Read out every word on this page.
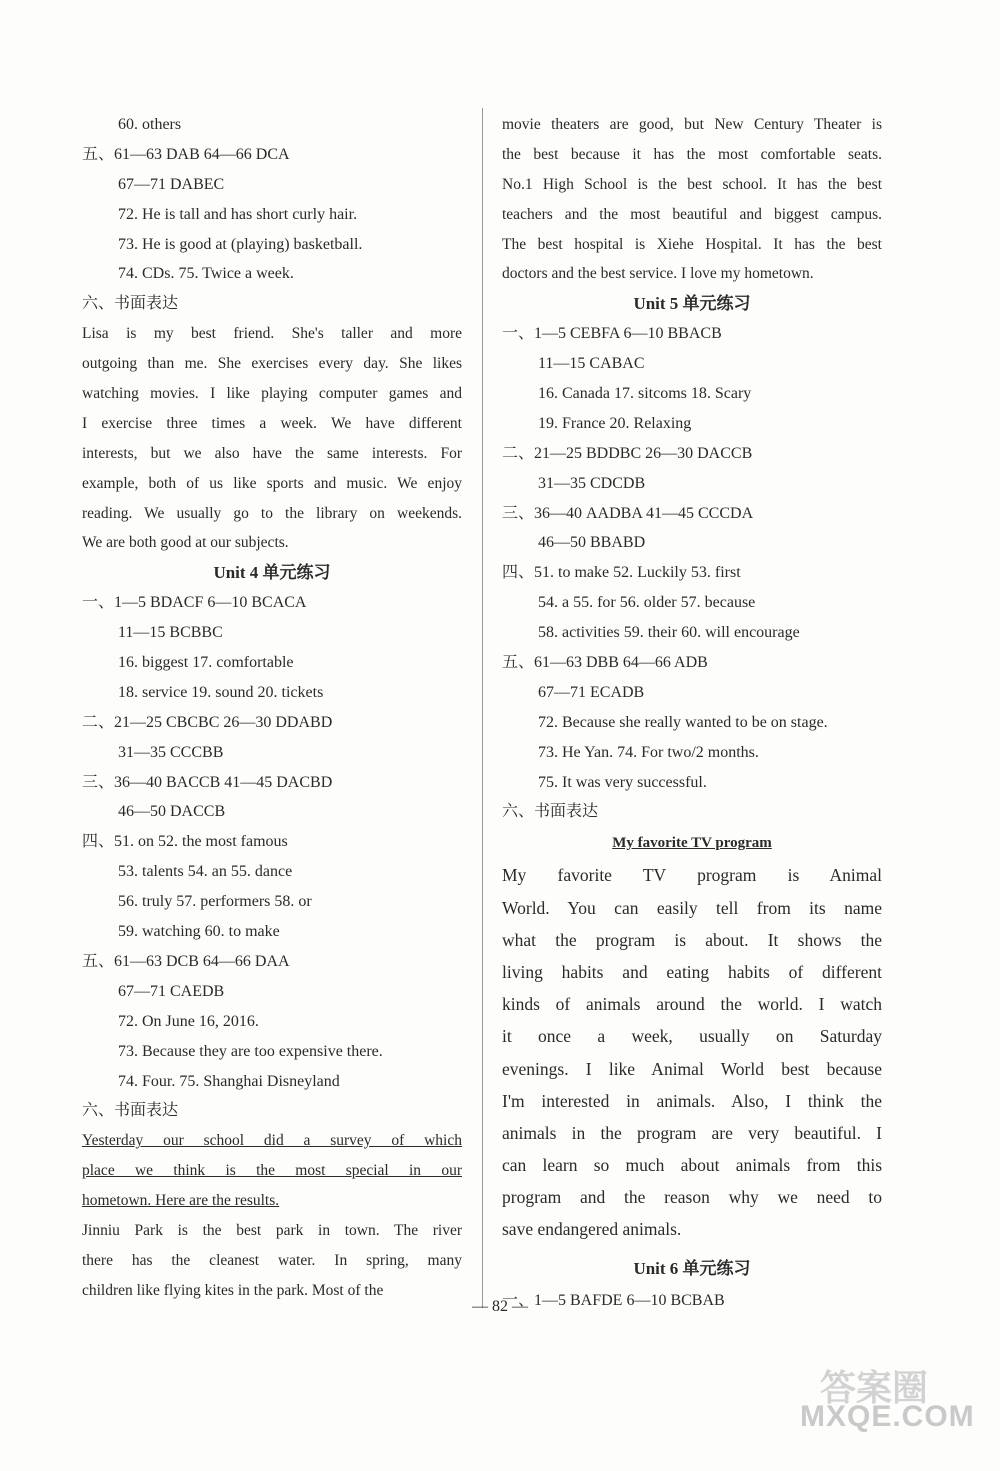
60. others
五、61—63 DAB 64—66 DCA
67—71 DABEC
72. He is tall and has short curly hair.
73. He is good at (playing) basketball.
74. CDs. 75. Twice a week.
六、书面表达
Lisa is my best friend. She's taller and more
outgoing than me. She exercises every day. She likes
watching movies. I like playing computer games and
I exercise three times a week. We have different
interests, but we also have the same interests. For
example, both of us like sports and music. We enjoy
reading. We usually go to the library on weekends.
We are both good at our subjects.
Unit 4 单元练习
一、1—5 BDACF 6—10 BCACA
11—15 BCBBC
16. biggest 17. comfortable
18. service 19. sound 20. tickets
二、21—25 CBCBC 26—30 DDABD
31—35 CCCBB
三、36—40 BACCB 41—45 DACBD
46—50 DACCB
四、51. on 52. the most famous
53. talents 54. an 55. dance
56. truly 57. performers 58. or
59. watching 60. to make
五、61—63 DCB 64—66 DAA
67—71 CAEDB
72. On June 16, 2016.
73. Because they are too expensive there.
74. Four. 75. Shanghai Disneyland
六、书面表达
Yesterday our school did a survey of which
place we think is the most special in our
hometown. Here are the results.
Jinniu Park is the best park in town. The river
there has the cleanest water. In spring, many
children like flying kites in the park. Most of the
movie theaters are good, but New Century Theater is
the best because it has the most comfortable seats.
No.1 High School is the best school. It has the best
teachers and the most beautiful and biggest campus.
The best hospital is Xiehe Hospital. It has the best
doctors and the best service. I love my hometown.
Unit 5 单元练习
一、1—5 CEBFA 6—10 BBACB
11—15 CABAC
16. Canada 17. sitcoms 18. Scary
19. France 20. Relaxing
二、21—25 BDDBC 26—30 DACCB
31—35 CDCDB
三、36—40 AADBA 41—45 CCCDA
46—50 BBABD
四、51. to make 52. Luckily 53. first
54. a 55. for 56. older 57. because
58. activities 59. their 60. will encourage
五、61—63 DBB 64—66 ADB
67—71 ECADB
72. Because she really wanted to be on stage.
73. He Yan. 74. For two/2 months.
75. It was very successful.
六、书面表达
My favorite TV program
My favorite TV program is Animal
World. You can easily tell from its name
what the program is about. It shows the
living habits and eating habits of different
kinds of animals around the world. I watch
it once a week, usually on Saturday
evenings. I like Animal World best because
I'm interested in animals. Also, I think the
animals in the program are very beautiful. I
can learn so much about animals from this
program and the reason why we need to
save endangered animals.
Unit 6 单元练习
一、1—5 BAFDE 6—10 BCBAB
— 82 —
答案圈
MXQE.COM
